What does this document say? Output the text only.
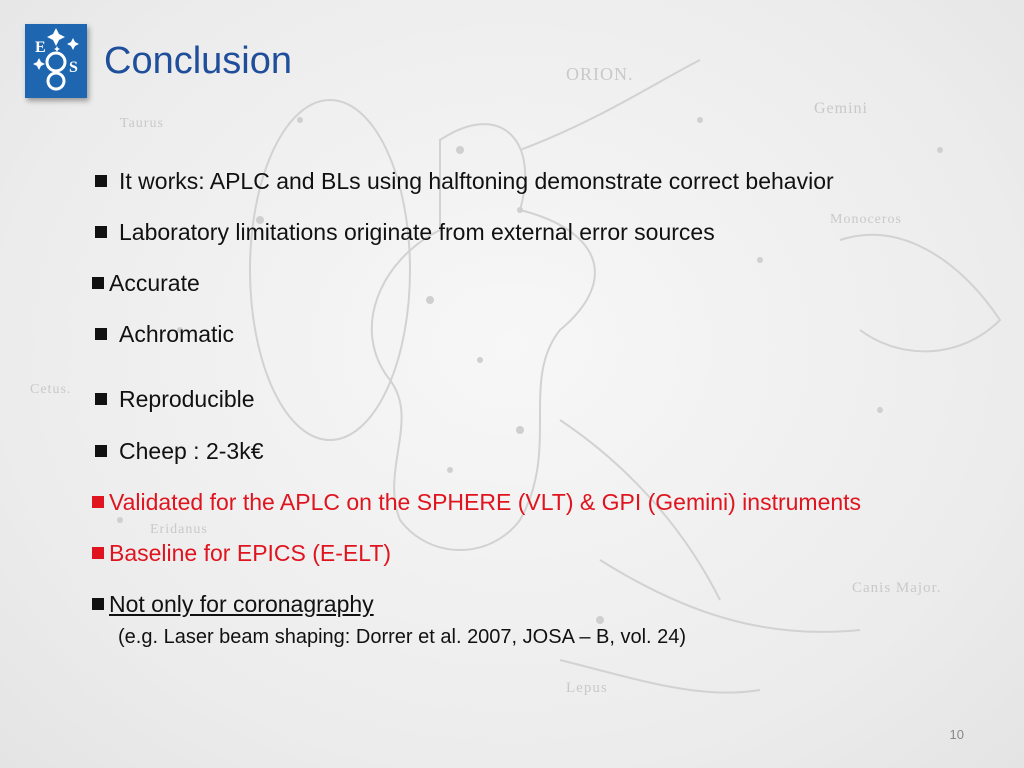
ORION.
Gemini
Taurus
Monoceros
Cetus.
Eridanus
Canis Major.
Lepus
E
S Conclusion
It works: APLC and BLs using halftoning demonstrate correct behavior
Laboratory limitations originate from external error sources
Accurate
Achromatic
Reproducible
Cheep : 2-3k€
Validated for the APLC on the SPHERE (VLT) & GPI (Gemini) instruments
Baseline for EPICS (E-ELT)
Not only for coronagraphy
(e.g. Laser beam shaping: Dorrer et al. 2007, JOSA – B, vol. 24)
10
